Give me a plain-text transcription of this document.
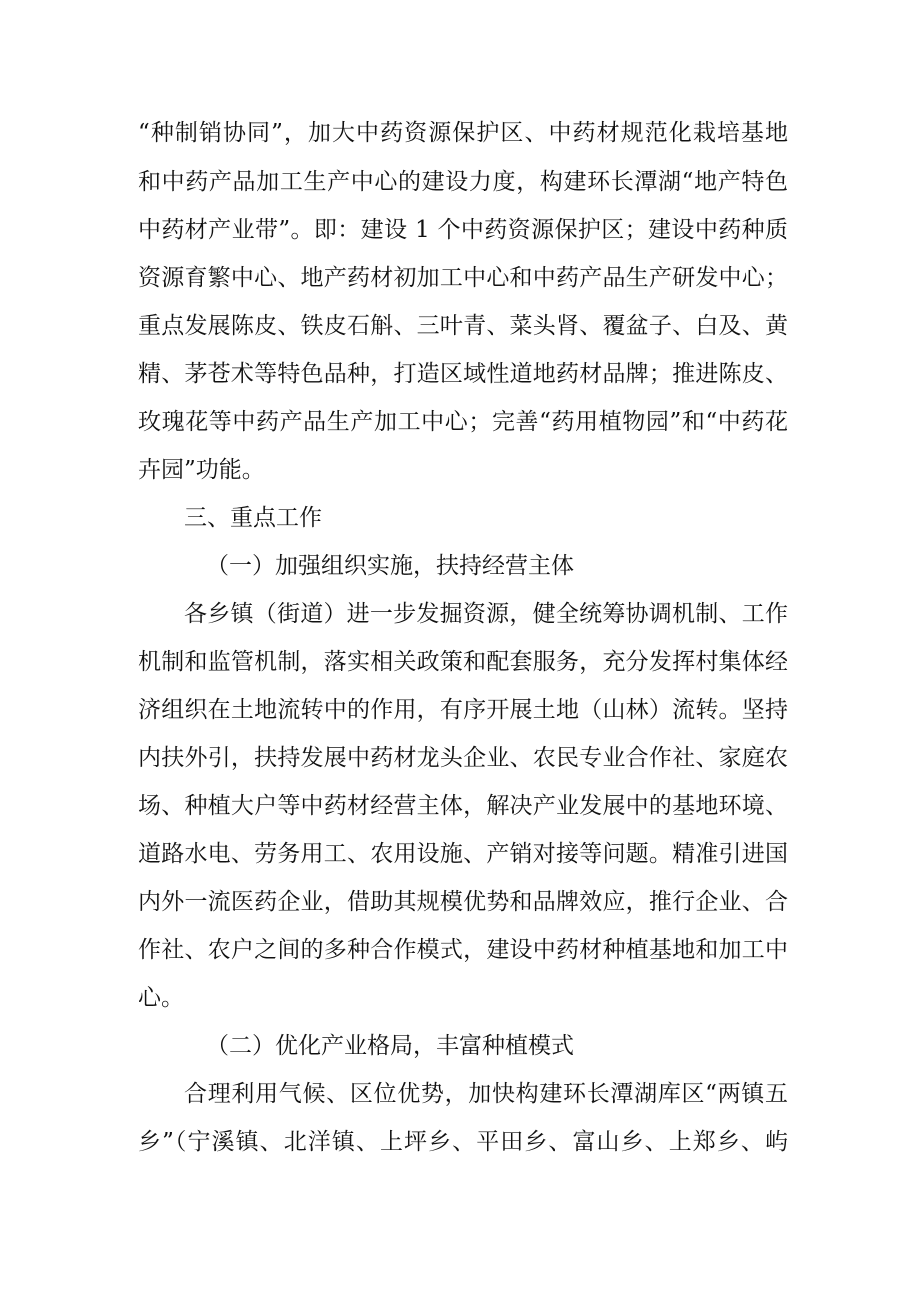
“种制销协同”，加大中药资源保护区、中药材规范化栽培基地
和中药产品加工生产中心的建设力度，构建环长潭湖“地产特色
中药材产业带”。即：建设 1 个中药资源保护区；建设中药种质
资源育繁中心、地产药材初加工中心和中药产品生产研发中心；
重点发展陈皮、铁皮石斛、三叶青、菜头肾、覆盆子、白及、黄
精、茅苍术等特色品种，打造区域性道地药材品牌；推进陈皮、
玫瑰花等中药产品生产加工中心；完善“药用植物园”和“中药花
卉园”功能。
三、重点工作
（一）加强组织实施，扶持经营主体
各乡镇（街道）进一步发掘资源，健全统筹协调机制、工作
机制和监管机制，落实相关政策和配套服务，充分发挥村集体经
济组织在土地流转中的作用，有序开展土地（山林）流转。坚持
内扶外引，扶持发展中药材龙头企业、农民专业合作社、家庭农
场、种植大户等中药材经营主体，解决产业发展中的基地环境、
道路水电、劳务用工、农用设施、产销对接等问题。精准引进国
内外一流医药企业，借助其规模优势和品牌效应，推行企业、合
作社、农户之间的多种合作模式，建设中药材种植基地和加工中
心。
（二）优化产业格局，丰富种植模式
合理利用气候、区位优势，加快构建环长潭湖库区“两镇五
乡”（宁溪镇、北洋镇、上坪乡、平田乡、富山乡、上郑乡、屿
